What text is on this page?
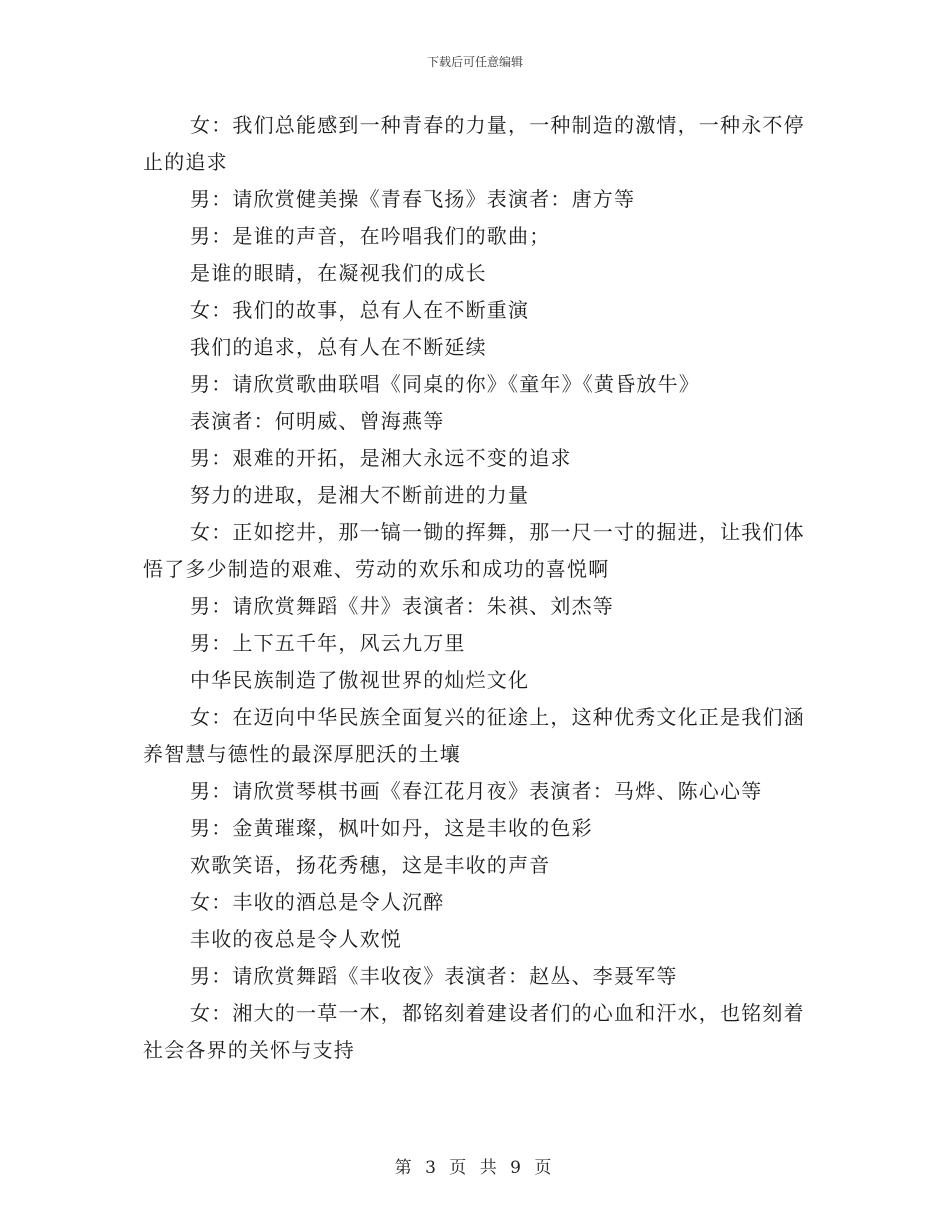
下载后可任意编辑

女：我们总能感到一种青春的力量，一种制造的激情，一种永不停止的追求

男：请欣赏健美操《青春飞扬》表演者：唐方等

男：是谁的声音，在吟唱我们的歌曲；

是谁的眼睛，在凝视我们的成长

女：我们的故事，总有人在不断重演

我们的追求，总有人在不断延续

男：请欣赏歌曲联唱《同桌的你》《童年》《黄昏放牛》

表演者：何明威、曾海燕等

男：艰难的开拓，是湘大永远不变的追求

努力的进取，是湘大不断前进的力量

女：正如挖井，那一镐一锄的挥舞，那一尺一寸的掘进，让我们体悟了多少制造的艰难、劳动的欢乐和成功的喜悦啊

男：请欣赏舞蹈《井》表演者：朱祺、刘杰等

男：上下五千年，风云九万里

中华民族制造了傲视世界的灿烂文化

女：在迈向中华民族全面复兴的征途上，这种优秀文化正是我们涵养智慧与德性的最深厚肥沃的土壤

男：请欣赏琴棋书画《春江花月夜》表演者：马烨、陈心心等

男：金黄璀璨，枫叶如丹，这是丰收的色彩

欢歌笑语，扬花秀穗，这是丰收的声音

女：丰收的酒总是令人沉醉

丰收的夜总是令人欢悦

男：请欣赏舞蹈《丰收夜》表演者：赵丛、李聂军等

女：湘大的一草一木，都铭刻着建设者们的心血和汗水，也铭刻着社会各界的关怀与支持

第 3 页 共 9 页
